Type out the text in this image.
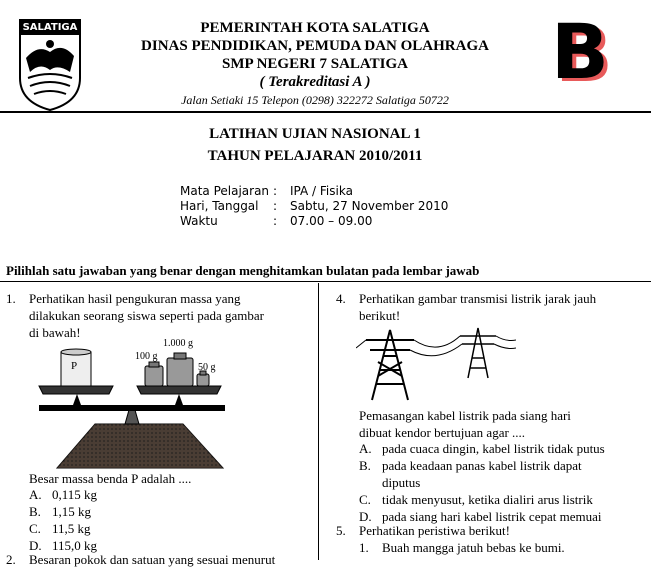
SALATIGA	PEMERINTAH KOTA SALATIGA
DINAS PENDIDIKAN, PEMUDA DAN OLAHRAGA
SMP NEGERI 7 SALATIGA
( Terakreditasi A )
Jalan Setiaki 15 Telepon (0298) 322272 Salatiga 50722
B
LATIHAN UJIAN NASIONAL 1
TAHUN PELAJARAN 2010/2011
Mata Pelajaran :	IPA / Fisika
Hari, Tanggal	:	Sabtu, 27 November 2010
Waktu	:	07.00 – 09.00
Pilihlah satu jawaban yang benar dengan menghitamkan bulatan pada lembar jawab
1. Perhatikan hasil pengukuran massa yang
dilakukan seorang siswa seperti pada gambar
di bawah!
P
1.000 g
100 g
50 g
Besar massa benda P adalah ....
A. 0,115 kg
B. 1,15 kg
C. 11,5 kg
D. 115,0 kg
2. Besaran pokok dan satuan yang sesuai menurut
4. Perhatikan gambar transmisi listrik jarak jauh
berikut!
Pemasangan kabel listrik pada siang hari
dibuat kendor bertujuan agar ....
A. pada cuaca dingin, kabel listrik tidak putus
B. pada keadaan panas kabel listrik dapat
diputus
C. tidak menyusut, ketika dialiri arus listrik
D. pada siang hari kabel listrik cepat memuai
5. Perhatikan peristiwa berikut!
1.	Buah mangga jatuh bebas ke bumi.
